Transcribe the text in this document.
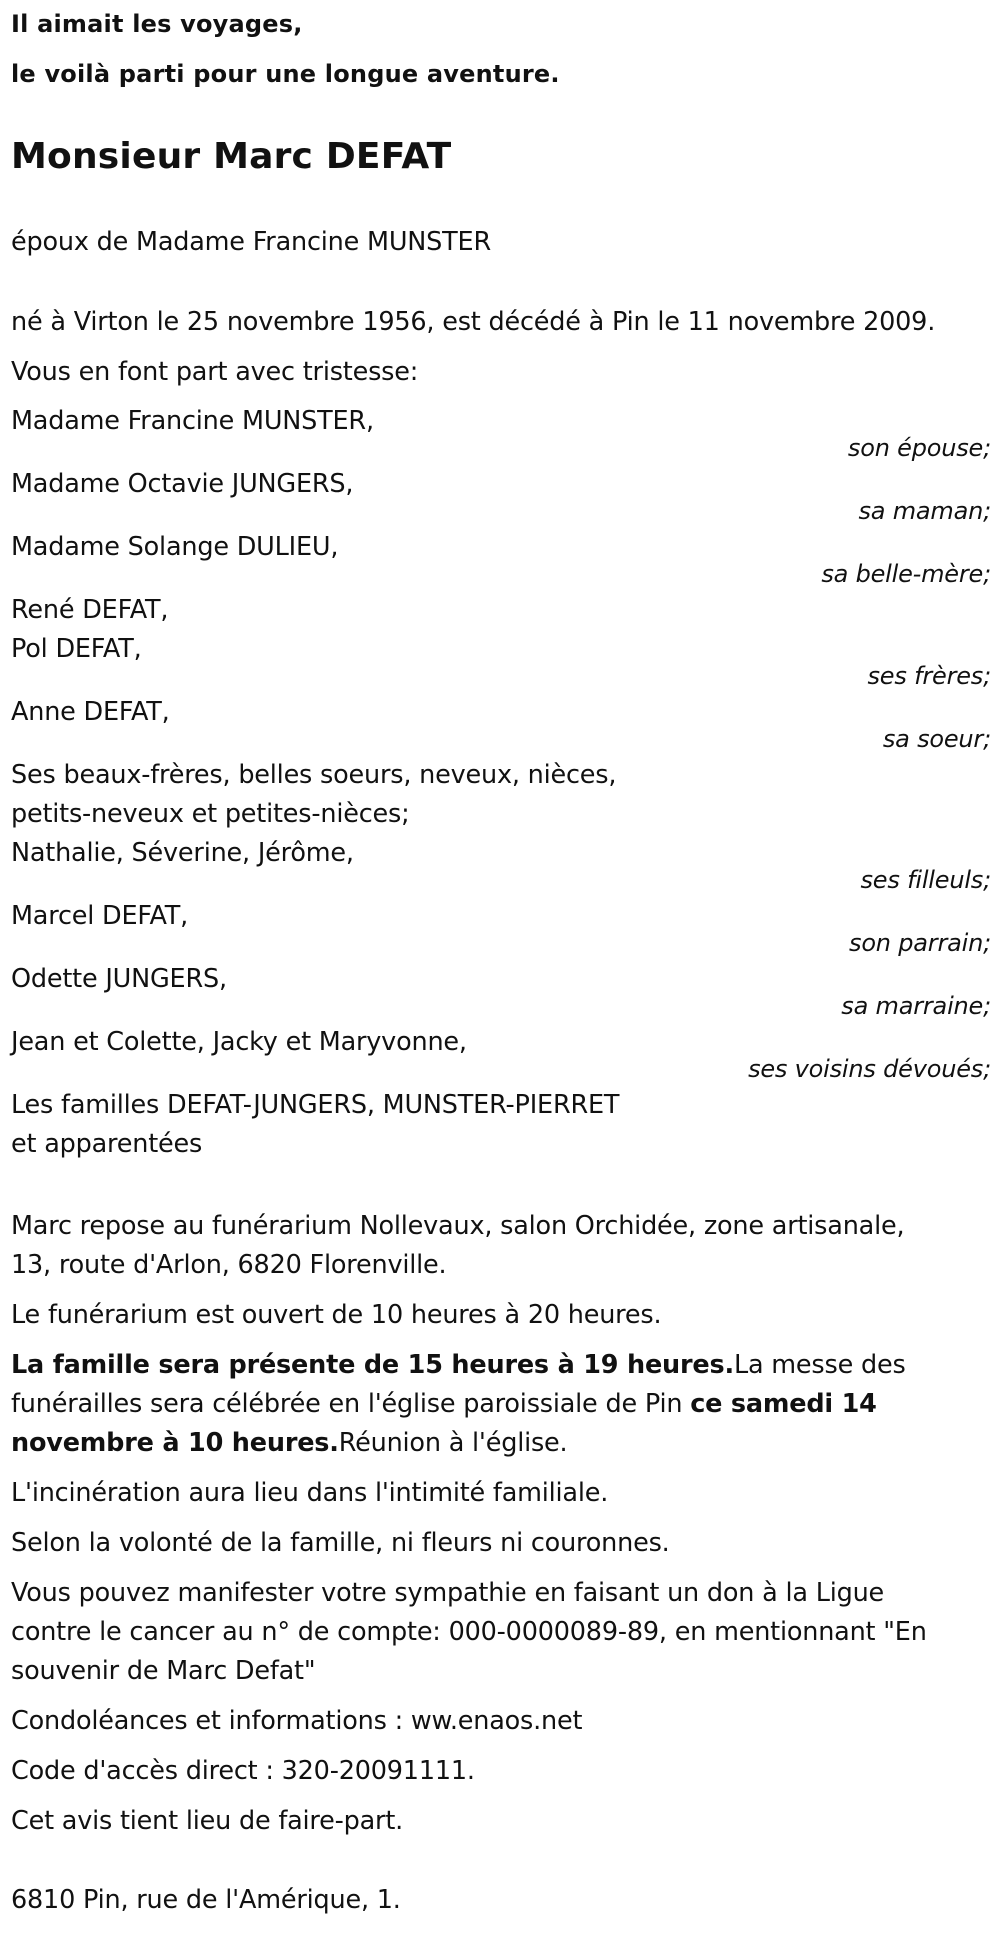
Il aimait les voyages,
le voilà parti pour une longue aventure.
Monsieur Marc DEFAT
époux de Madame Francine MUNSTER
né à Virton le 25 novembre 1956, est décédé à Pin le 11 novembre 2009.
Vous en font part avec tristesse:
Madame Francine MUNSTER,
son épouse;
Madame Octavie JUNGERS,
sa maman;
Madame Solange DULIEU,
sa belle-mère;
René DEFAT,
Pol DEFAT,
ses frères;
Anne DEFAT,
sa soeur;
Ses beaux-frères, belles soeurs, neveux, nièces,
petits-neveux et petites-nièces;
Nathalie, Séverine, Jérôme,
ses filleuls;
Marcel DEFAT,
son parrain;
Odette JUNGERS,
sa marraine;
Jean et Colette, Jacky et Maryvonne,
ses voisins dévoués;
Les familles DEFAT-JUNGERS, MUNSTER-PIERRET
et apparentées
Marc repose au funérarium Nollevaux, salon Orchidée, zone artisanale,
13, route d'Arlon, 6820 Florenville.
Le funérarium est ouvert de 10 heures à 20 heures.
La famille sera présente de 15 heures à 19 heures.La messe des
funérailles sera célébrée en l'église paroissiale de Pin ce samedi 14
novembre à 10 heures.Réunion à l'église.
L'incinération aura lieu dans l'intimité familiale.
Selon la volonté de la famille, ni fleurs ni couronnes.
Vous pouvez manifester votre sympathie en faisant un don à la Ligue
contre le cancer au n° de compte: 000-0000089-89, en mentionnant "En
souvenir de Marc Defat"
Condoléances et informations : ww.enaos.net
Code d'accès direct : 320-20091111.
Cet avis tient lieu de faire-part.
6810 Pin, rue de l'Amérique, 1.
